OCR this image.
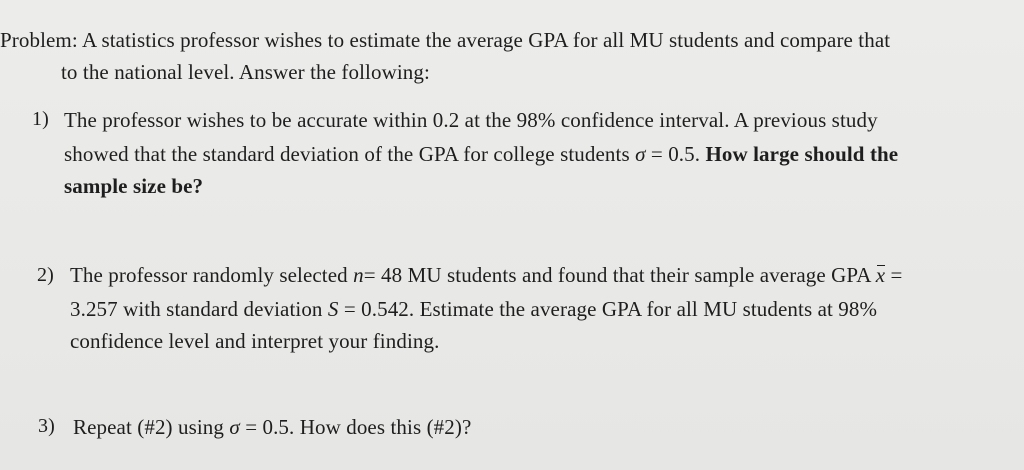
Problem: A statistics professor wishes to estimate the average GPA for all MU students and compare that
to the national level. Answer the following:
1) The professor wishes to be accurate within 0.2 at the 98% confidence interval. A previous study
showed that the standard deviation of the GPA for college students σ = 0.5. How large should the
sample size be?
2) The professor randomly selected n= 48 MU students and found that their sample average GPA x =
3.257 with standard deviation S = 0.542. Estimate the average GPA for all MU students at 98%
confidence level and interpret your finding.
3) Repeat (#2) using σ = 0.5. How does this (#2)?
